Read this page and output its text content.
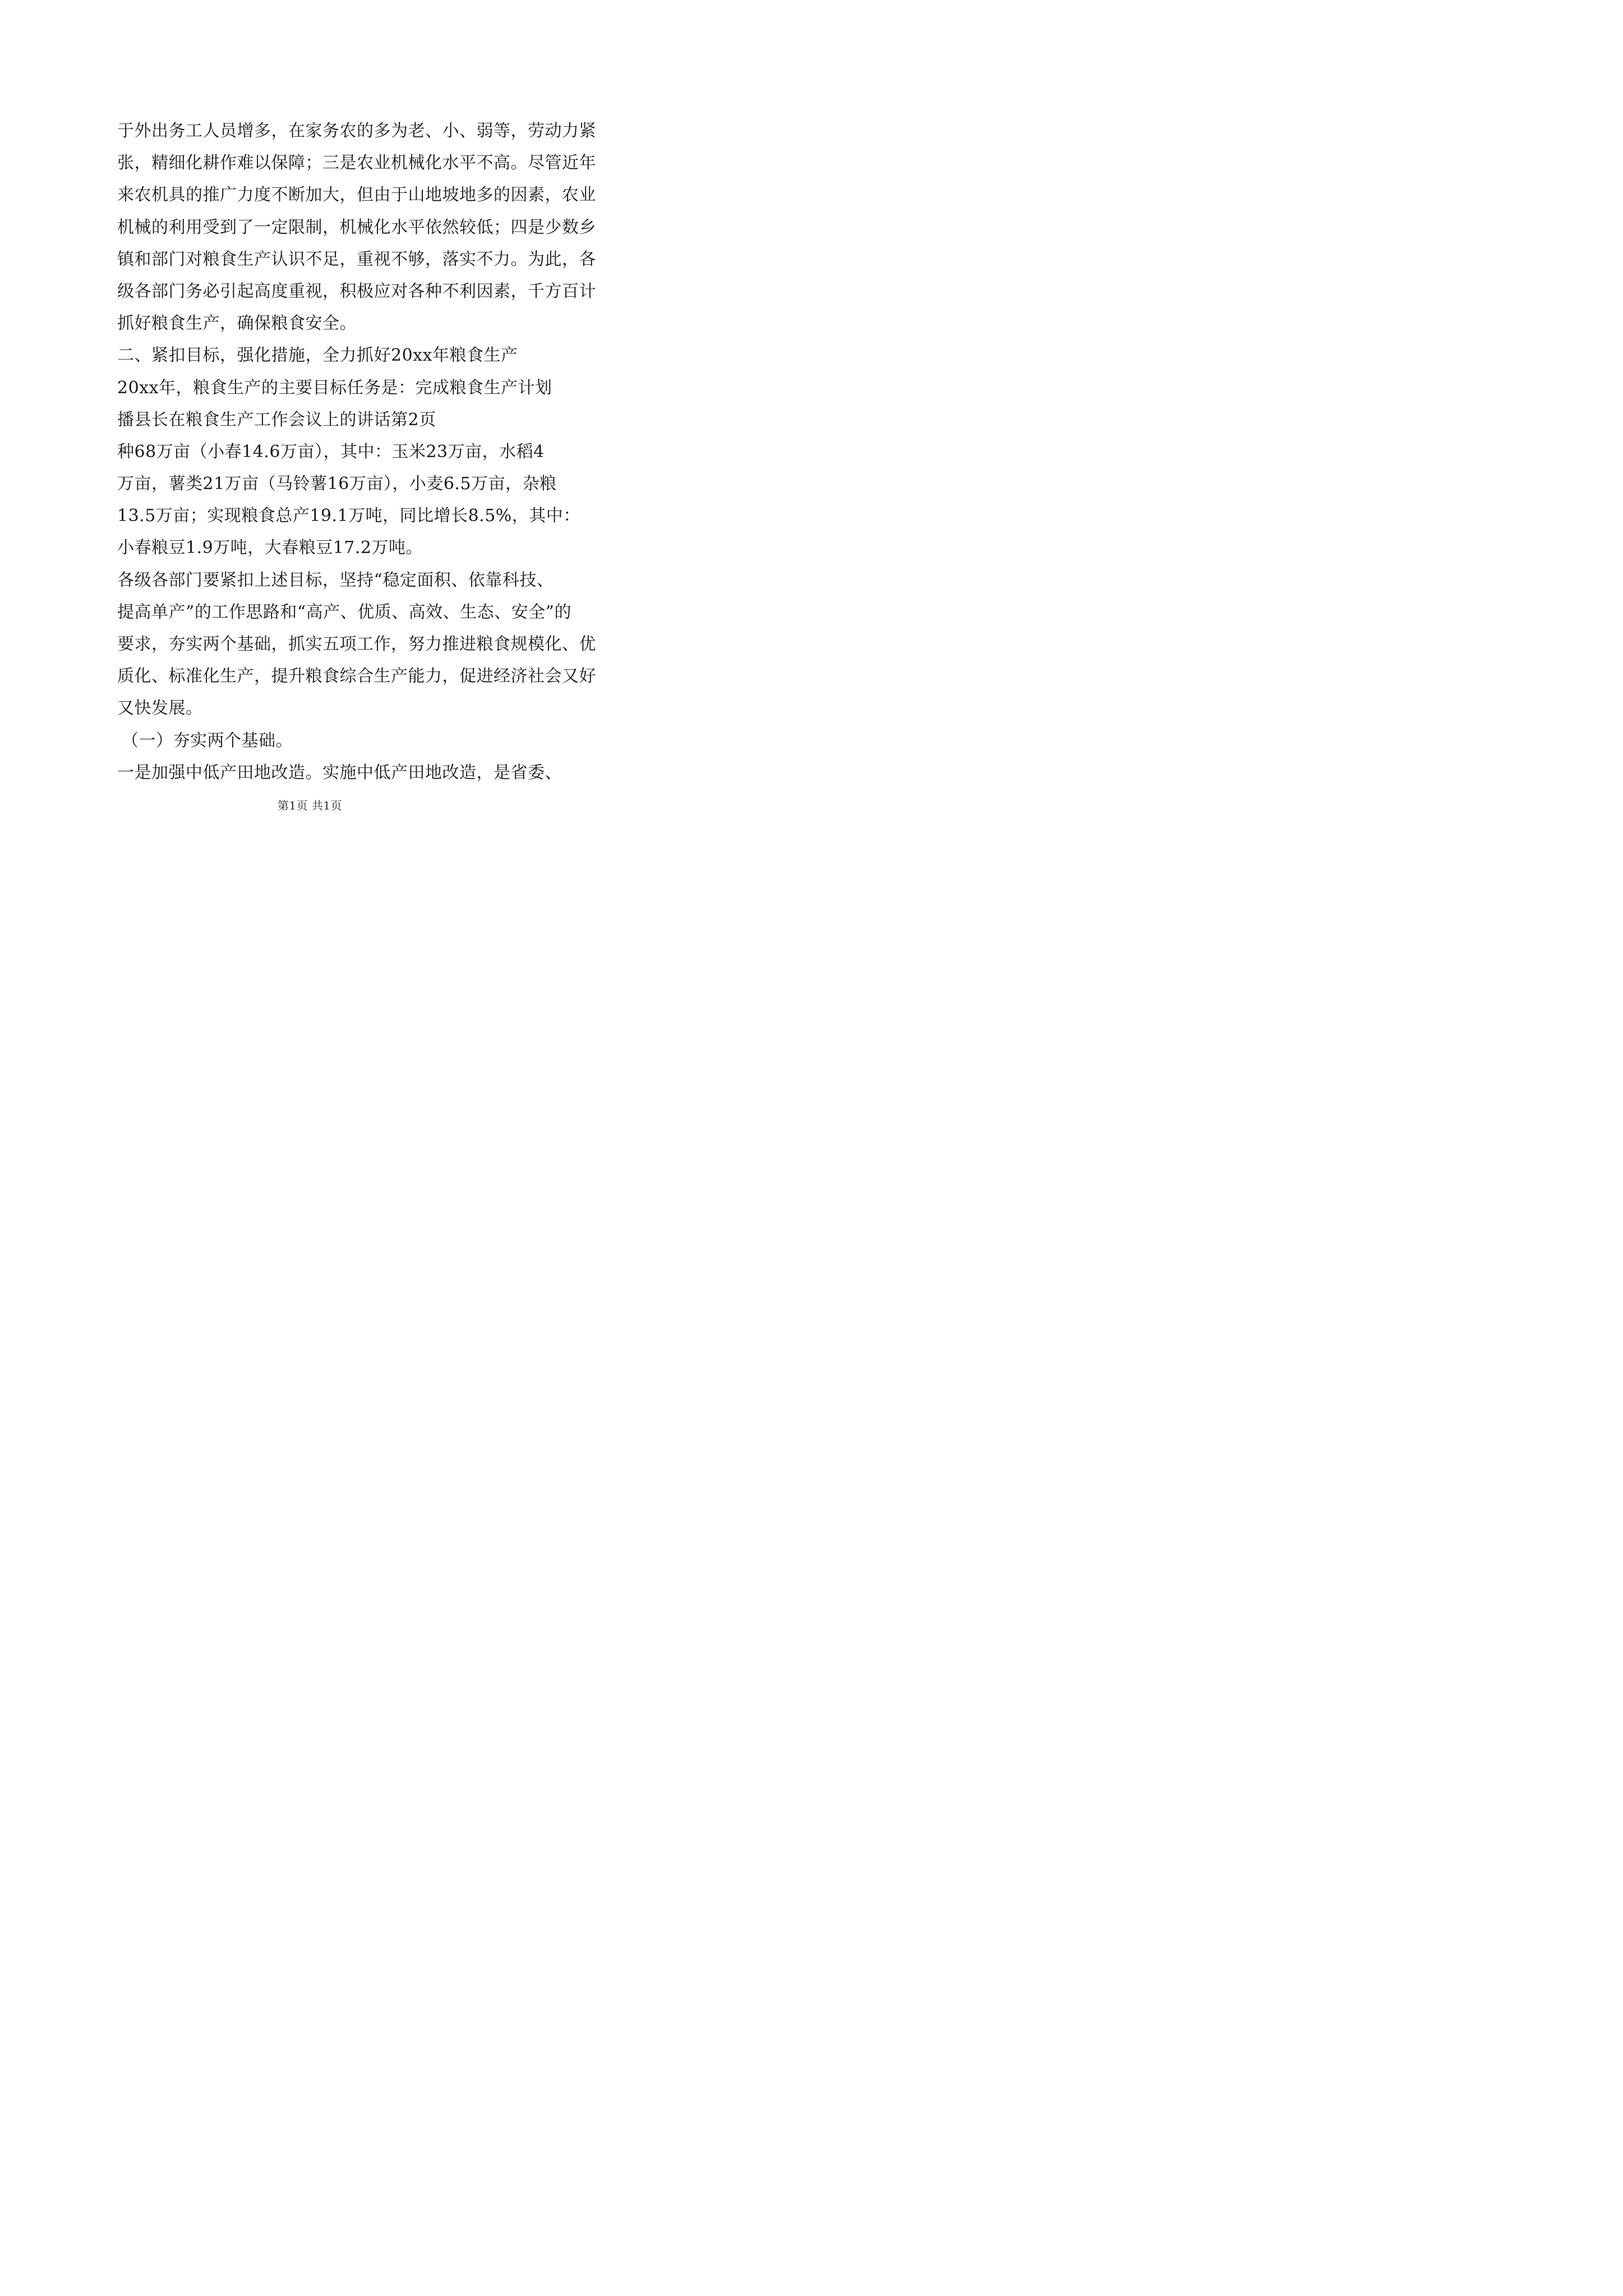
于外出务工人员增多，在家务农的多为老、小、弱等，劳动力紧
张，精细化耕作难以保障；三是农业机械化水平不高。尽管近年
来农机具的推广力度不断加大，但由于山地坡地多的因素，农业
机械的利用受到了一定限制，机械化水平依然较低；四是少数乡
镇和部门对粮食生产认识不足，重视不够，落实不力。为此，各
级各部门务必引起高度重视，积极应对各种不利因素，千方百计
抓好粮食生产，确保粮食安全。
二、紧扣目标，强化措施，全力抓好20xx年粮食生产
20xx年，粮食生产的主要目标任务是：完成粮食生产计划
播县长在粮食生产工作会议上的讲话第2页
种68万亩（小春14.6万亩），其中：玉米23万亩，水稻4
万亩，薯类21万亩（马铃薯16万亩），小麦6.5万亩，杂粮
13.5万亩；实现粮食总产19.1万吨，同比增长8.5%，其中：
小春粮豆1.9万吨，大春粮豆17.2万吨。
各级各部门要紧扣上述目标，坚持“稳定面积、依靠科技、
提高单产”的工作思路和“高产、优质、高效、生态、安全”的
要求，夯实两个基础，抓实五项工作，努力推进粮食规模化、优
质化、标准化生产，提升粮食综合生产能力，促进经济社会又好
又快发展。
（一）夯实两个基础。
一是加强中低产田地改造。实施中低产田地改造，是省委、
第1页 共1页
